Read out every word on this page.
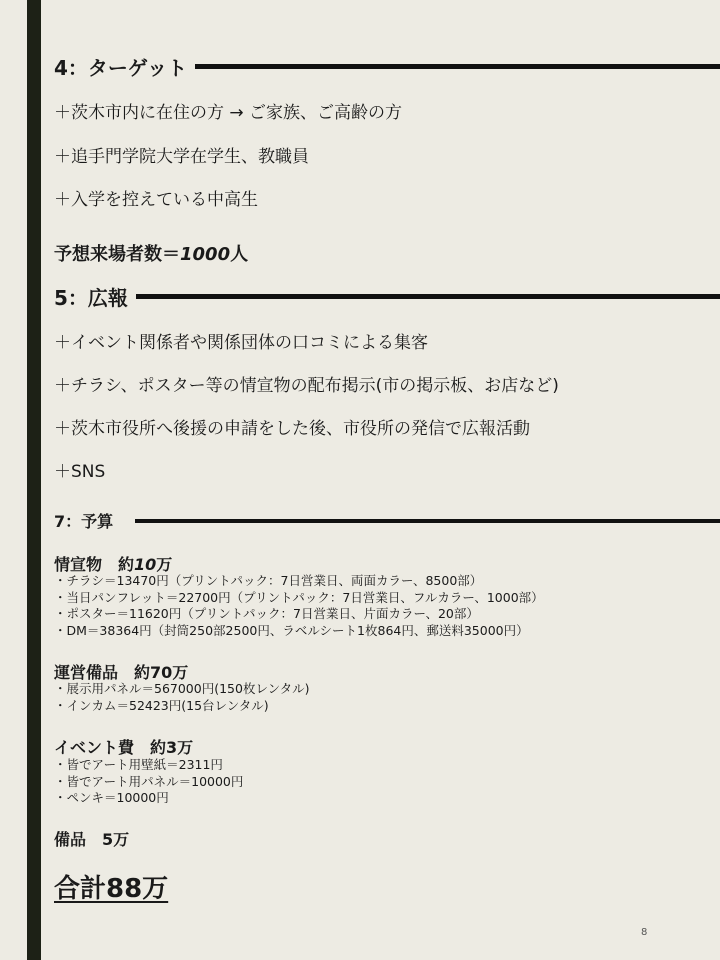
4：ターゲット
＋茨木市内に在住の方 → ご家族、ご高齢の方
＋追手門学院大学在学生、教職員
＋入学を控えている中高生
予想来場者数＝1000人
5：広報
＋イベント関係者や関係団体の口コミによる集客
＋チラシ、ポスター等の情宣物の配布掲示(市の掲示板、お店など)
＋茨木市役所へ後援の申請をした後、市役所の発信で広報活動
＋SNS
7：予算
情宣物　約10万
・チラシ＝13470円（プリントパック：7日営業日、両面カラー、8500部）
・当日パンフレット＝22700円（プリントパック：7日営業日、フルカラー、1000部）
・ポスター＝11620円（プリントパック：7日営業日、片面カラー、20部）
・DM＝38364円（封筒250部2500円、ラベルシート1枚864円、郵送料35000円）
運営備品　約70万
・展示用パネル＝567000円(150枚レンタル)
・インカム＝52423円(15台レンタル)
イベント費　約3万
・皆でアート用壁紙＝2311円
・皆でアート用パネル＝10000円
・ペンキ＝10000円
備品　5万
合計88万
8
